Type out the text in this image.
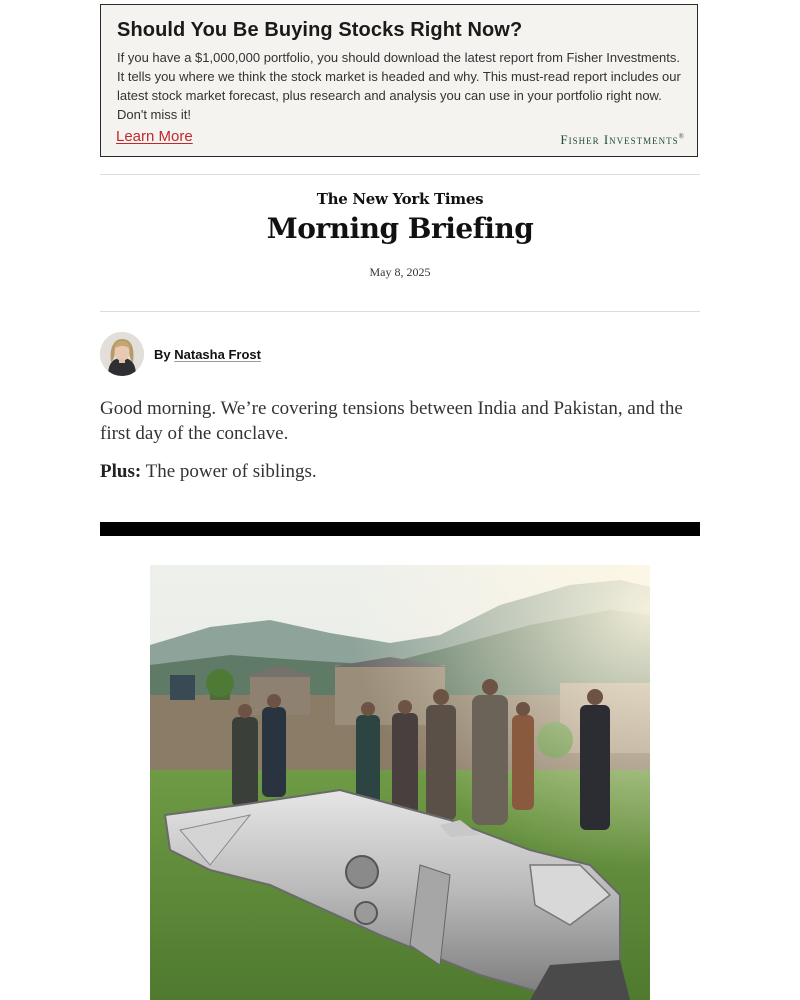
Should You Be Buying Stocks Right Now?
If you have a $1,000,000 portfolio, you should download the latest report from Fisher Investments. It tells you where we think the stock market is headed and why. This must-read report includes our latest stock market forecast, plus research and analysis you can use in your portfolio right now. Don't miss it!
Learn More	Fisher Investments®
The New York Times
Morning Briefing
May 8, 2025
By Natasha Frost
Good morning. We’re covering tensions between India and Pakistan, and the first day of the conclave.
Plus: The power of siblings.
